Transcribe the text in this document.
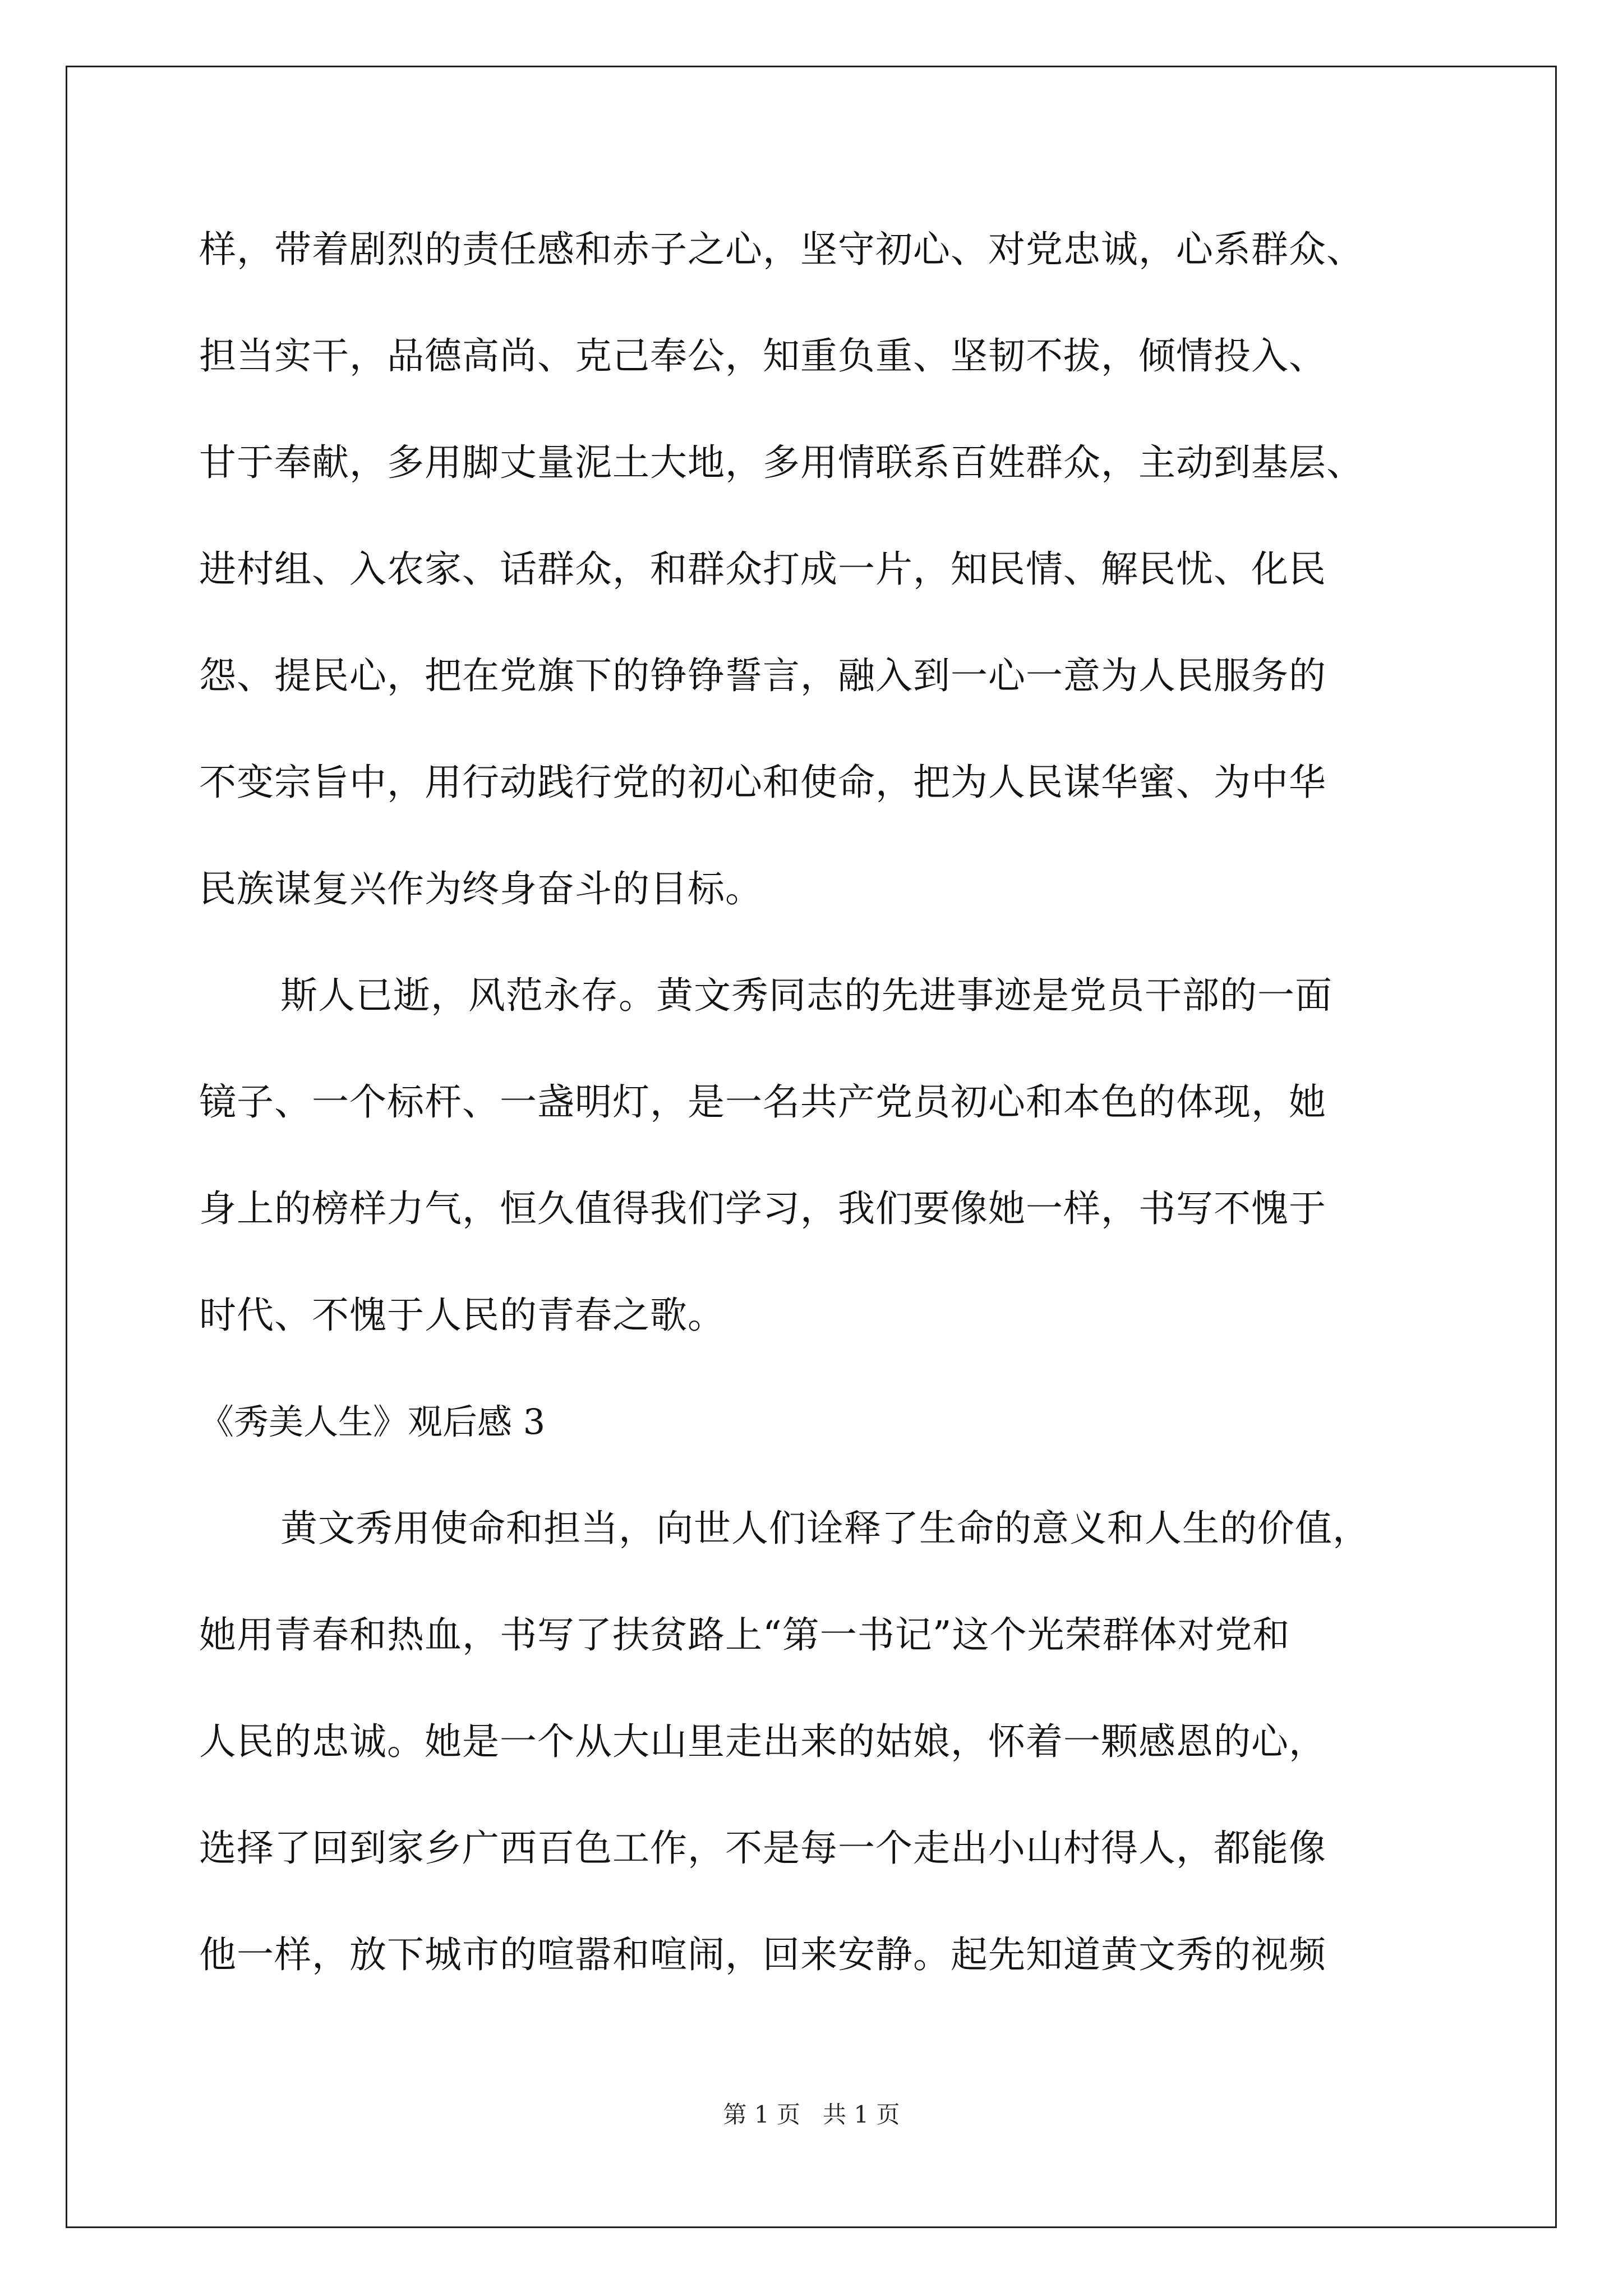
样，带着剧烈的责任感和赤子之心，坚守初心、对党忠诚，心系群众、
担当实干，品德高尚、克己奉公，知重负重、坚韧不拔，倾情投入、
甘于奉献，多用脚丈量泥土大地，多用情联系百姓群众，主动到基层、
进村组、入农家、话群众，和群众打成一片，知民情、解民忧、化民
怨、提民心，把在党旗下的铮铮誓言，融入到一心一意为人民服务的
不变宗旨中，用行动践行党的初心和使命，把为人民谋华蜜、为中华
民族谋复兴作为终身奋斗的目标。
斯人已逝，风范永存。黄文秀同志的先进事迹是党员干部的一面
镜子、一个标杆、一盏明灯，是一名共产党员初心和本色的体现，她
身上的榜样力气，恒久值得我们学习，我们要像她一样，书写不愧于
时代、不愧于人民的青春之歌。
《秀美人生》观后感 3
黄文秀用使命和担当，向世人们诠释了生命的意义和人生的价值，
她用青春和热血，书写了扶贫路上“第一书记”这个光荣群体对党和
人民的忠诚。她是一个从大山里走出来的姑娘，怀着一颗感恩的心，
选择了回到家乡广西百色工作，不是每一个走出小山村得人，都能像
他一样，放下城市的喧嚣和喧闹，回来安静。起先知道黄文秀的视频
第 1 页   共 1 页
